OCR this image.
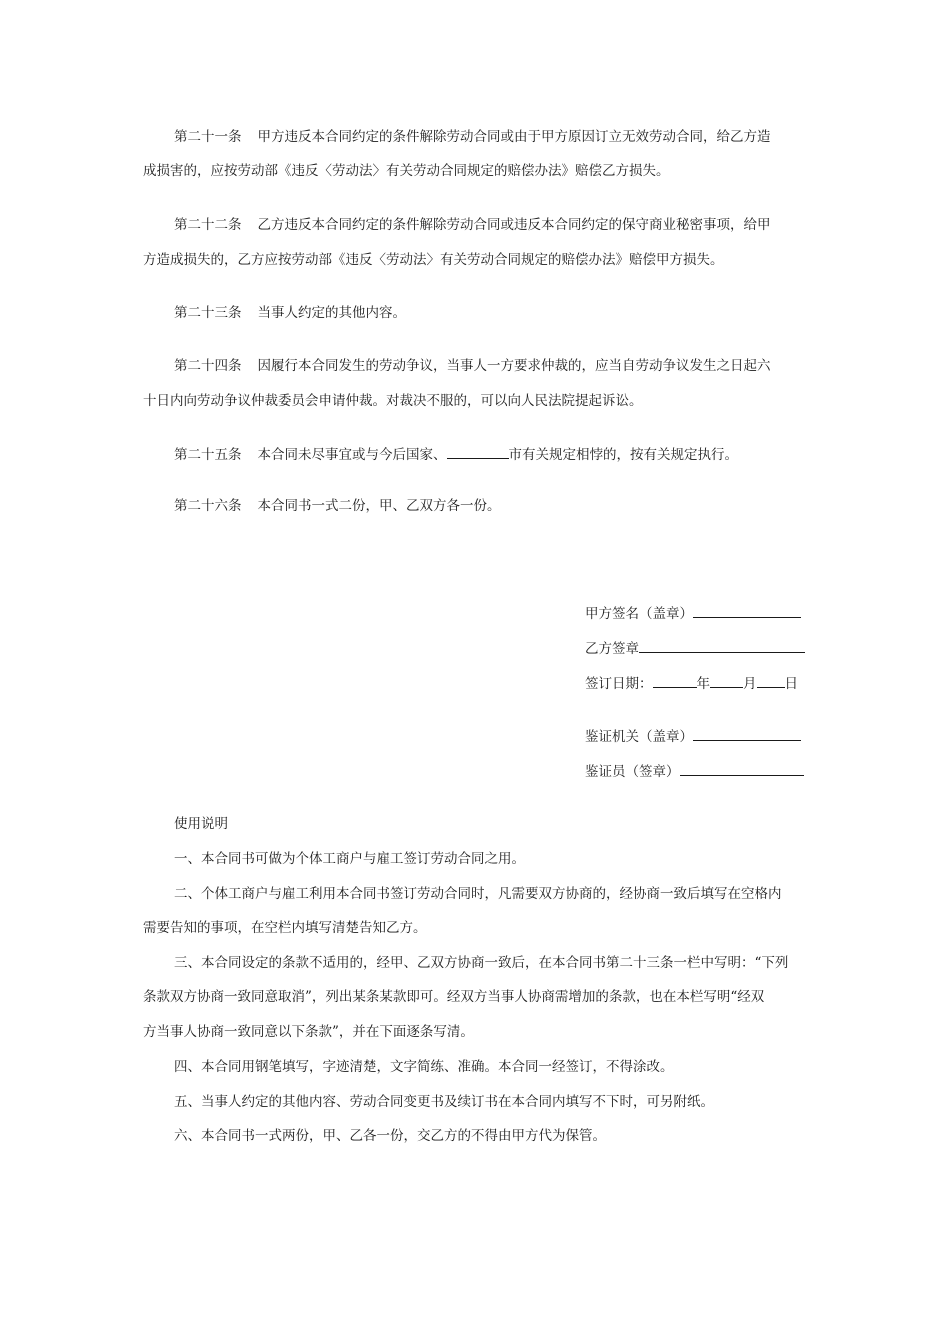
第二十一条 甲方违反本合同约定的条件解除劳动合同或由于甲方原因订立无效劳动合同，给乙方造
成损害的，应按劳动部《违反〈劳动法〉有关劳动合同规定的赔偿办法》赔偿乙方损失。
第二十二条 乙方违反本合同约定的条件解除劳动合同或违反本合同约定的保守商业秘密事项，给甲
方造成损失的，乙方应按劳动部《违反〈劳动法〉有关劳动合同规定的赔偿办法》赔偿甲方损失。
第二十三条 当事人约定的其他内容。
第二十四条 因履行本合同发生的劳动争议，当事人一方要求仲裁的，应当自劳动争议发生之日起六
十日内向劳动争议仲裁委员会申请仲裁。对裁决不服的，可以向人民法院提起诉讼。
第二十五条 本合同未尽事宜或与今后国家、	市有关规定相悖的，按有关规定执行。
第二十六条 本合同书一式二份，甲、乙双方各一份。
甲方签名（盖章）
乙方签章
签订日期：	年 月 日
鉴证机关（盖章）
鉴证员（签章）
使用说明
一、本合同书可做为个体工商户与雇工签订劳动合同之用。
二、个体工商户与雇工利用本合同书签订劳动合同时，凡需要双方协商的，经协商一致后填写在空格内
需要告知的事项，在空栏内填写清楚告知乙方。
三、本合同设定的条款不适用的，经甲、乙双方协商一致后，在本合同书第二十三条一栏中写明：“下列
条款双方协商一致同意取消”，列出某条某款即可。经双方当事人协商需增加的条款，也在本栏写明“经双
方当事人协商一致同意以下条款”，并在下面逐条写清。
四、本合同用钢笔填写，字迹清楚，文字简练、准确。本合同一经签订，不得涂改。
五、当事人约定的其他内容、劳动合同变更书及续订书在本合同内填写不下时，可另附纸。
六、本合同书一式两份，甲、乙各一份，交乙方的不得由甲方代为保管。
